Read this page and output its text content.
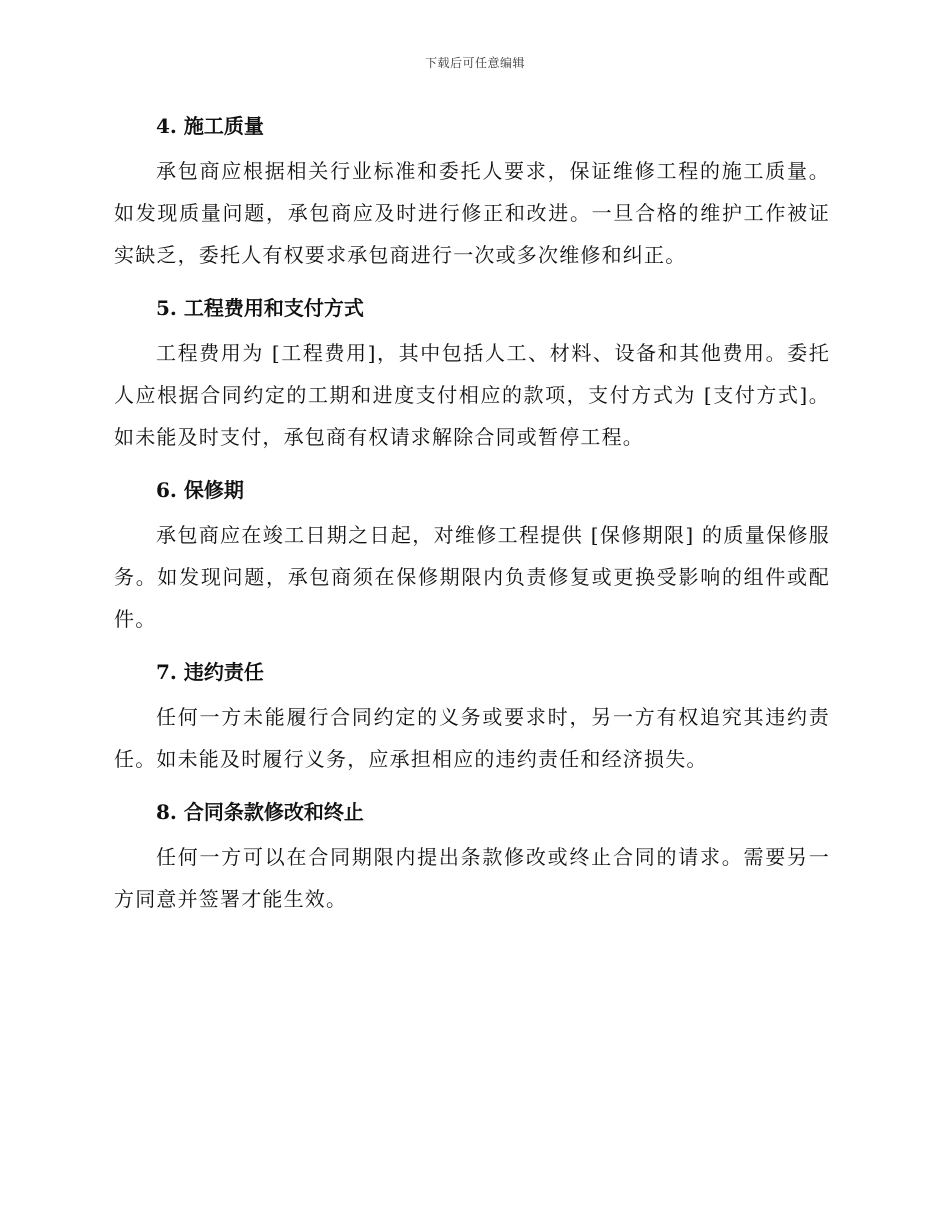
下载后可任意编辑
4. 施工质量

承包商应根据相关行业标准和委托人要求，保证维修工程的施工质量。如发现质量问题，承包商应及时进行修正和改进。一旦合格的维护工作被证实缺乏，委托人有权要求承包商进行一次或多次维修和纠正。

5. 工程费用和支付方式

工程费用为 [工程费用]，其中包括人工、材料、设备和其他费用。委托人应根据合同约定的工期和进度支付相应的款项，支付方式为 [支付方式]。如未能及时支付，承包商有权请求解除合同或暂停工程。

6. 保修期

承包商应在竣工日期之日起，对维修工程提供 [保修期限] 的质量保修服务。如发现问题，承包商须在保修期限内负责修复或更换受影响的组件或配件。

7. 违约责任

任何一方未能履行合同约定的义务或要求时，另一方有权追究其违约责任。如未能及时履行义务，应承担相应的违约责任和经济损失。

8. 合同条款修改和终止

任何一方可以在合同期限内提出条款修改或终止合同的请求。需要另一方同意并签署才能生效。
